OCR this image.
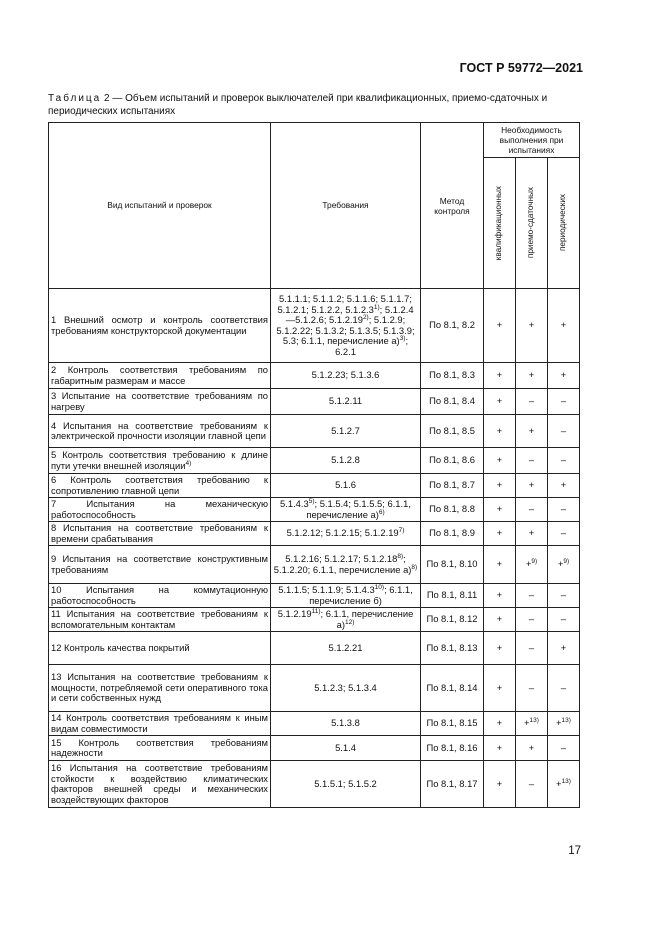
ГОСТ Р 59772—2021
Таблица 2 — Объем испытаний и проверок выключателей при квалификационных, приемо-сдаточных и периодических испытаниях
Вид испытаний и проверок	Требования	Метод контроля	Необходимость выполнения при испытаниях		

			квалификационных	приемо-сдаточных	периодических

1 Внешний осмотр и контроль соответствия требованиям конструкторской документации	5.1.1.1; 5.1.1.2; 5.1.1.6; 5.1.1.7; 5.1.2.1; 5.1.2.2, 5.1.2.3$^{1)}$; 5.1.2.4—5.1.2.6; 5.1.2.19$^{2)}$; 5.1.2.9; 5.1.2.22; 5.1.3.2; 5.1.3.5; 5.1.3.9; 5.3; 6.1.1, перечисление а)$^{3)}$; 6.2.1	По 8.1, 8.2	+	+	+
2 Контроль соответствия требованиям по габаритным размерам и массе	5.1.2.23; 5.1.3.6	По 8.1, 8.3	+	+	+
3 Испытание на соответствие требованиям по нагреву	5.1.2.11	По 8.1, 8.4	+	–	–
4 Испытания на соответствие требованиям к электрической прочности изоляции главной цепи	5.1.2.7	По 8.1, 8.5	+	+	–
5 Контроль соответствия требованию к длине пути утечки внешней изоляции$^{4)}$	5.1.2.8	По 8.1, 8.6	+	–	–
6 Контроль соответствия требованию к сопротивлению главной цепи	5.1.6	По 8.1, 8.7	+	+	+
7 Испытания на механическую работоспособность	5.1.4.3$^{5)}$; 5.1.5.4; 5.1.5.5; 6.1.1, перечисление а)$^{6)}$	По 8.1, 8.8	+	–	–
8 Испытания на соответствие требованиям к времени срабатывания	5.1.2.12; 5.1.2.15; 5.1.2.19$^{7)}$	По 8.1, 8.9	+	+	–
9 Испытания на соответствие конструктивным требованиям	5.1.2.16; 5.1.2.17; 5.1.2.18$^{8)}$; 5.1.2.20; 6.1.1, перечисление а)$^{8)}$	По 8.1, 8.10	+	+$^{9)}$	+$^{9)}$
10 Испытания на коммутационную работоспособность	5.1.1.5; 5.1.1.9; 5.1.4.3$^{10)}$; 6.1.1, перечисление б)	По 8.1, 8.11	+	–	–
11 Испытания на соответствие требованиям к вспомогательным контактам	5.1.2.19$^{11)}$; 6.1.1, перечисление а)$^{12)}$	По 8.1, 8.12	+	–	–
12 Контроль качества покрытий	5.1.2.21	По 8.1, 8.13	+	–	+
13 Испытания на соответствие требованиям к мощности, потребляемой сети оперативного тока и сети собственных нужд	5.1.2.3; 5.1.3.4	По 8.1, 8.14	+	–	–
14 Контроль соответствия требованиям к иным видам совместимости	5.1.3.8	По 8.1, 8.15	+	+$^{13)}$	+$^{13)}$
15 Контроль соответствия требованиям надежности	5.1.4	По 8.1, 8.16	+	+	–
16 Испытания на соответствие требованиям стойкости к воздействию климатических факторов внешней среды и механических воздействующих факторов	5.1.5.1; 5.1.5.2	По 8.1, 8.17	+	–	+$^{13)}$
17
